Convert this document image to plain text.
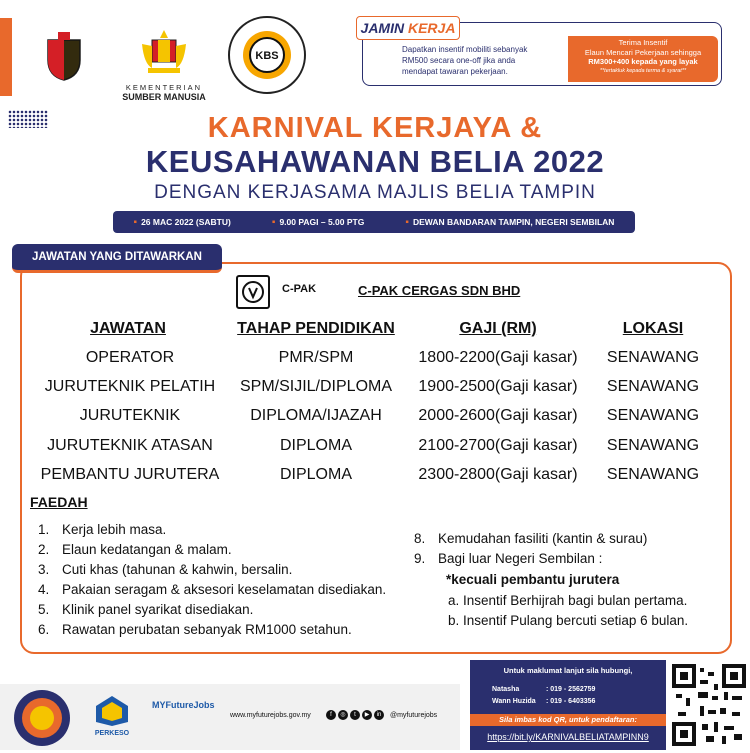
KEMENTERIAN
SUMBER MANUSIA
KBS
JAMIN KERJA
Dapatkan insentif mobiliti sebanyak
RM500 secara one-off jika anda
mendapat tawaran pekerjaan.
Terima Insentif
Elaun Mencari Pekerjaan sehingga
RM300+400 kepada yang layak
**tertakluk kepada terma & syarat**
KARNIVAL KERJAYA &
KEUSAHAWANAN BELIA 2022
DENGAN KERJASAMA MAJLIS BELIA TAMPIN
▪ 26 MAC 2022 (SABTU)	▪ 9.00 PAGI – 5.00 PTG	▪ DEWAN BANDARAN TAMPIN, NEGERI SEMBILAN
JAWATAN YANG DITAWARKAN
C-PAK	C-PAK CERGAS SDN BHD
JAWATAN	TAHAP PENDIDIKAN	GAJI (RM)	LOKASI
OPERATOR	PMR/SPM	1800-2200(Gaji kasar)	SENAWANG
JURUTEKNIK PELATIH	SPM/SIJIL/DIPLOMA	1900-2500(Gaji kasar)	SENAWANG
JURUTEKNIK	DIPLOMA/IJAZAH	2000-2600(Gaji kasar)	SENAWANG
JURUTEKNIK ATASAN	DIPLOMA	2100-2700(Gaji kasar)	SENAWANG
PEMBANTU JURUTERA	DIPLOMA	2300-2800(Gaji kasar)	SENAWANG
FAEDAH
1. Kerja lebih masa.
2. Elaun kedatangan & malam.
3. Cuti khas (tahunan & kahwin, bersalin.
4. Pakaian seragam & aksesori keselamatan disediakan.
5. Klinik panel syarikat disediakan.
6. Rawatan perubatan sebanyak RM1000 setahun.
8. Kemudahan fasiliti (kantin & surau)
9. Bagi luar Negeri Sembilan :
*kecuali pembantu jurutera
a. Insentif Berhijrah bagi bulan pertama.
b. Insentif Pulang bercuti setiap 6 bulan.
PERKESO
MYFutureJobs
www.myfuturejobs.gov.my	f	◎	t	▶	in	@myfuturejobs
Untuk maklumat lanjut sila hubungi,
Natasha	: 019 - 2562759
Wann Huzida : 019 - 6403356
Sila imbas kod QR, untuk pendaftaran:
https://bit.ly/KARNIVALBELIATAMPINN9
